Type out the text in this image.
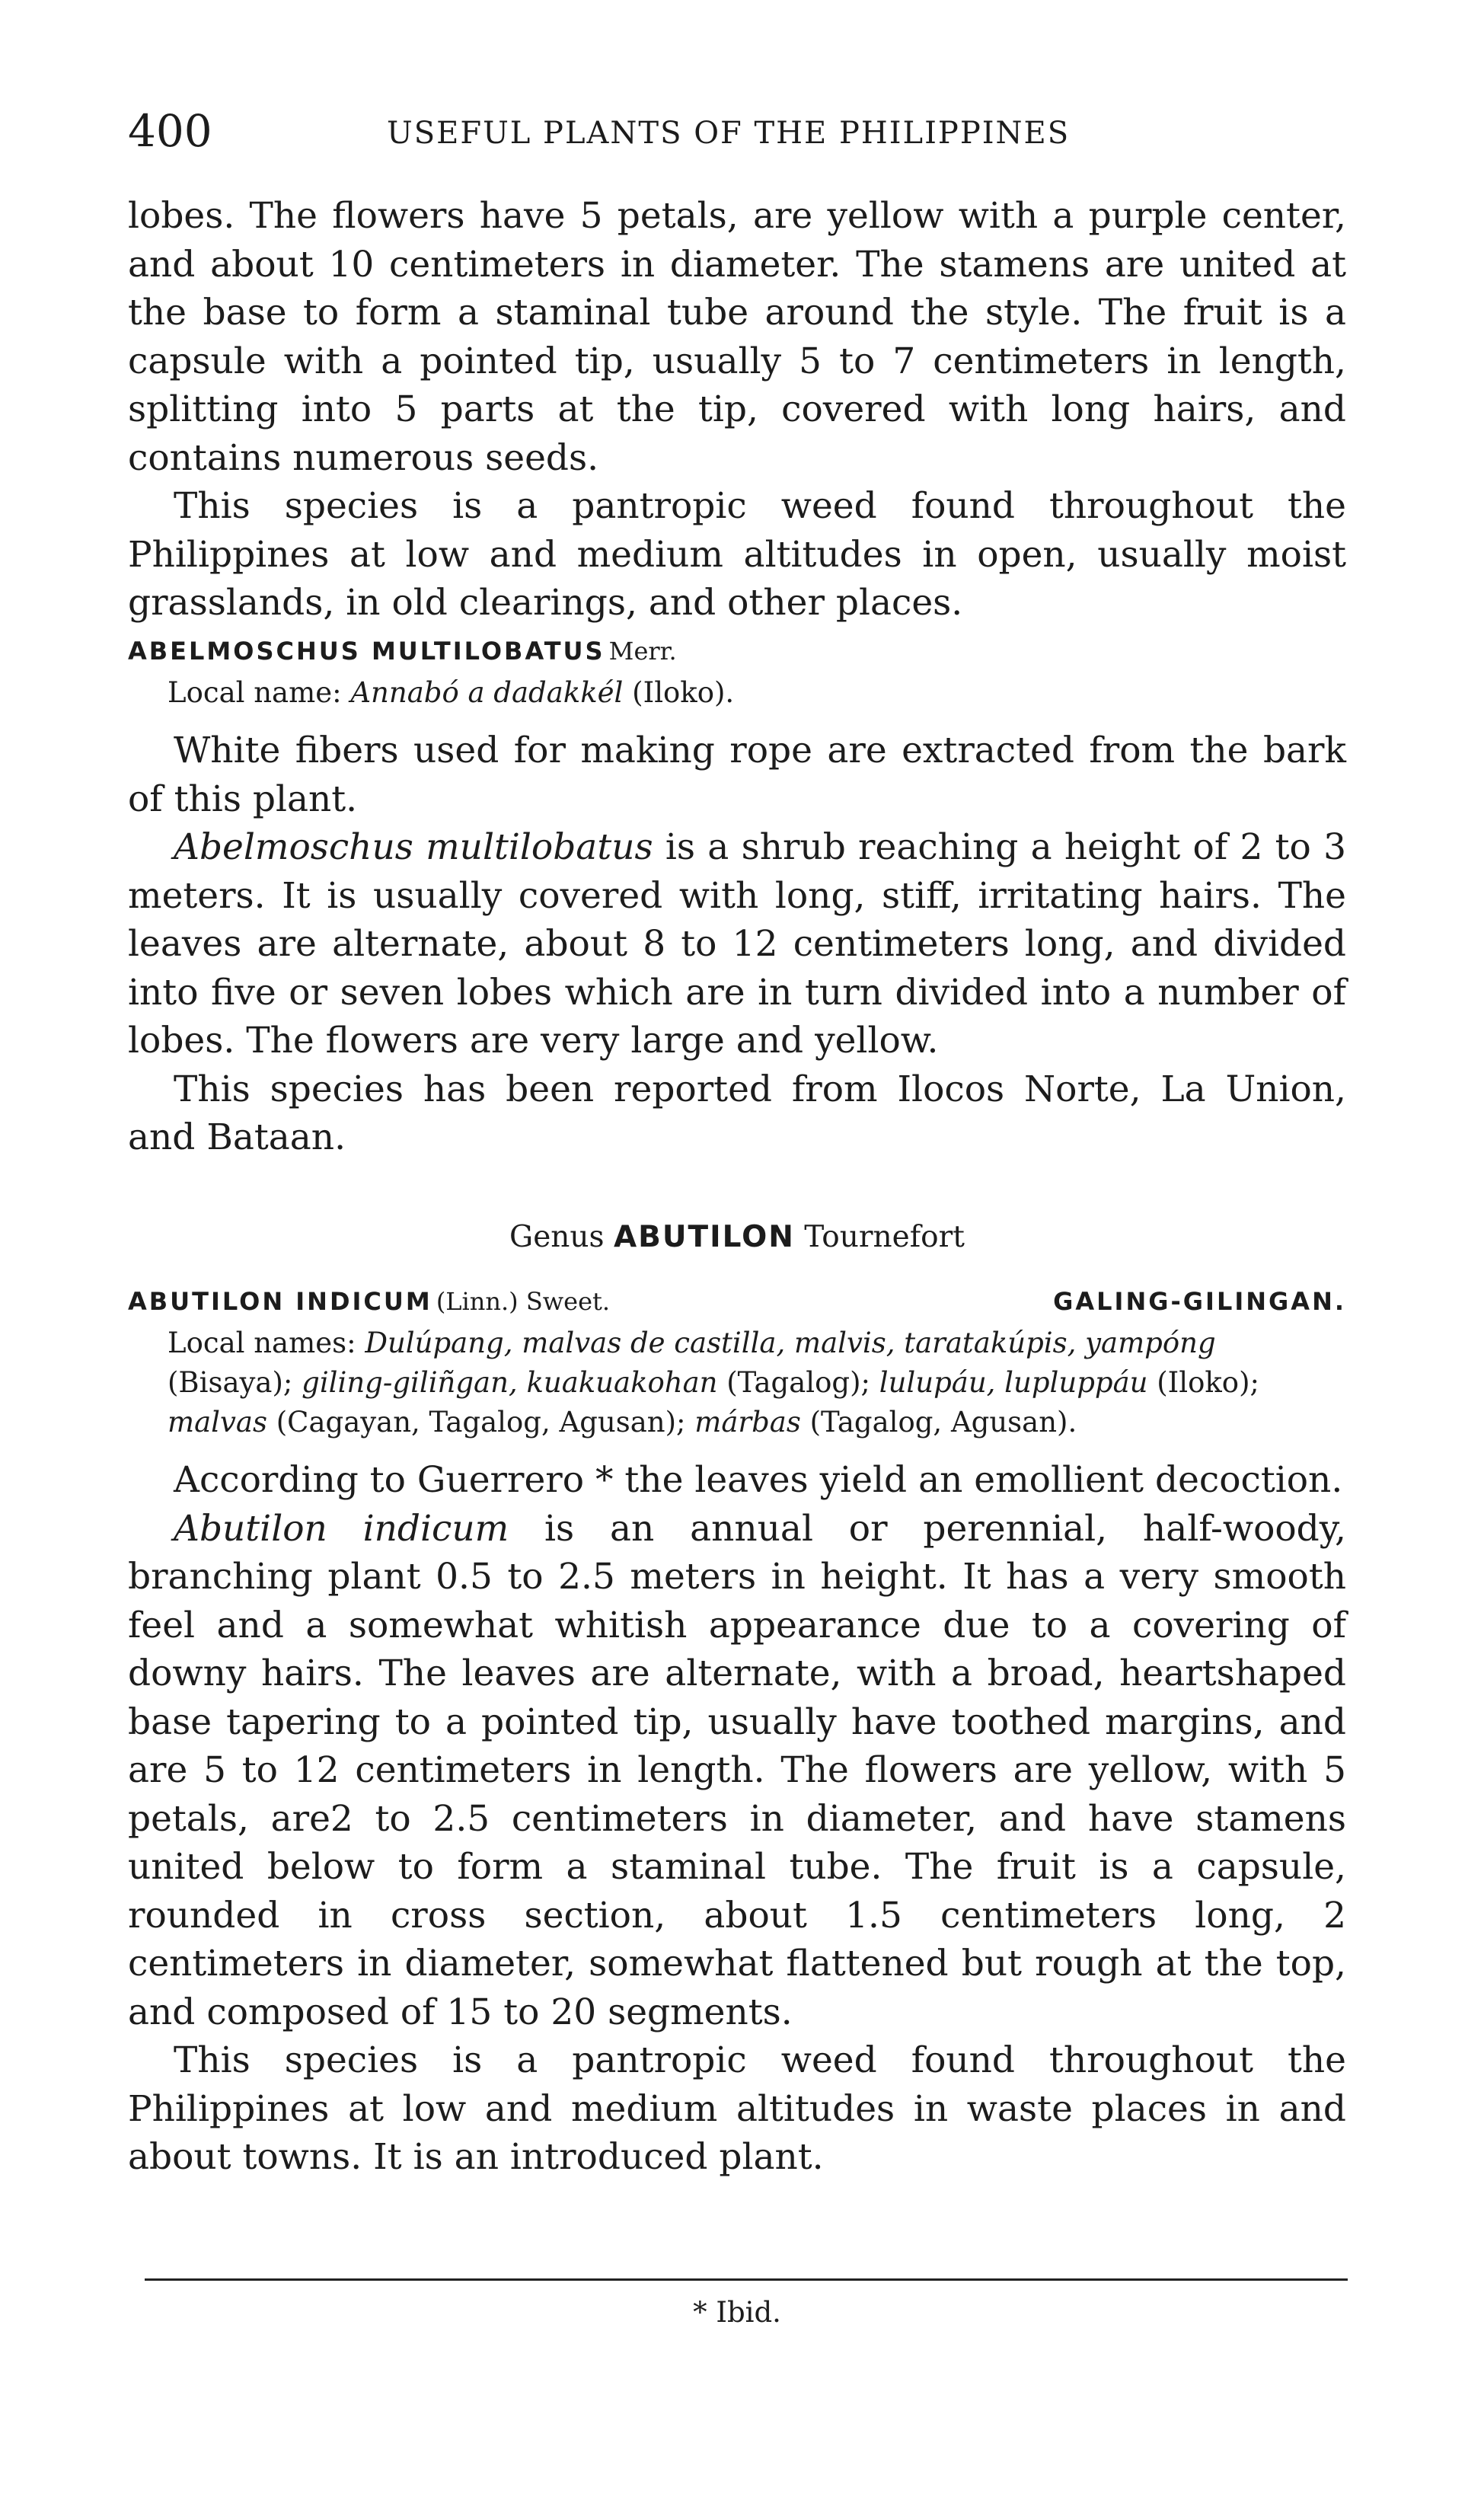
400	USEFUL PLANTS OF THE PHILIPPINES

lobes. The flowers have 5 petals, are yellow with a purple center, and about 10 centimeters in diameter. The stamens are united at the base to form a staminal tube around the style. The fruit is a capsule with a pointed tip, usually 5 to 7 centimeters in length, splitting into 5 parts at the tip, covered with long hairs, and contains numerous seeds.

This species is a pantropic weed found throughout the Philippines at low and medium altitudes in open, usually moist grasslands, in old clearings, and other places.

ABELMOSCHUS MULTILOBATUS Merr.

Local name: Annabó a dadakkél (Iloko).

White fibers used for making rope are extracted from the bark of this plant.

Abelmoschus multilobatus is a shrub reaching a height of 2 to 3 meters. It is usually covered with long, stiff, irritating hairs. The leaves are alternate, about 8 to 12 centimeters long, and divided into five or seven lobes which are in turn divided into a number of lobes. The flowers are very large and yellow.

This species has been reported from Ilocos Norte, La Union, and Bataan.

Genus ABUTILON Tournefort
ABUTILON INDICUM (Linn.) Sweet.	GALING-GILINGAN.

Local names: Dulúpang, malvas de castilla, malvis, taratakúpis, yampóng (Bisaya); giling-giliñgan, kuakuakohan (Tagalog); lulupáu, lupluppáu (Iloko); malvas (Cagayan, Tagalog, Agusan); márbas (Tagalog, Agusan).

According to Guerrero * the leaves yield an emollient decoction.

Abutilon indicum is an annual or perennial, half-woody, branching plant 0.5 to 2.5 meters in height. It has a very smooth feel and a somewhat whitish appearance due to a covering of downy hairs. The leaves are alternate, with a broad, heartshaped base tapering to a pointed tip, usually have toothed margins, and are 5 to 12 centimeters in length. The flowers are yellow, with 5 petals, are2 to 2.5 centimeters in diameter, and have stamens united below to form a staminal tube. The fruit is a capsule, rounded in cross section, about 1.5 centimeters long, 2 centimeters in diameter, somewhat flattened but rough at the top, and composed of 15 to 20 segments.

This species is a pantropic weed found throughout the Philippines at low and medium altitudes in waste places in and about towns. It is an introduced plant.

* Ibid.
